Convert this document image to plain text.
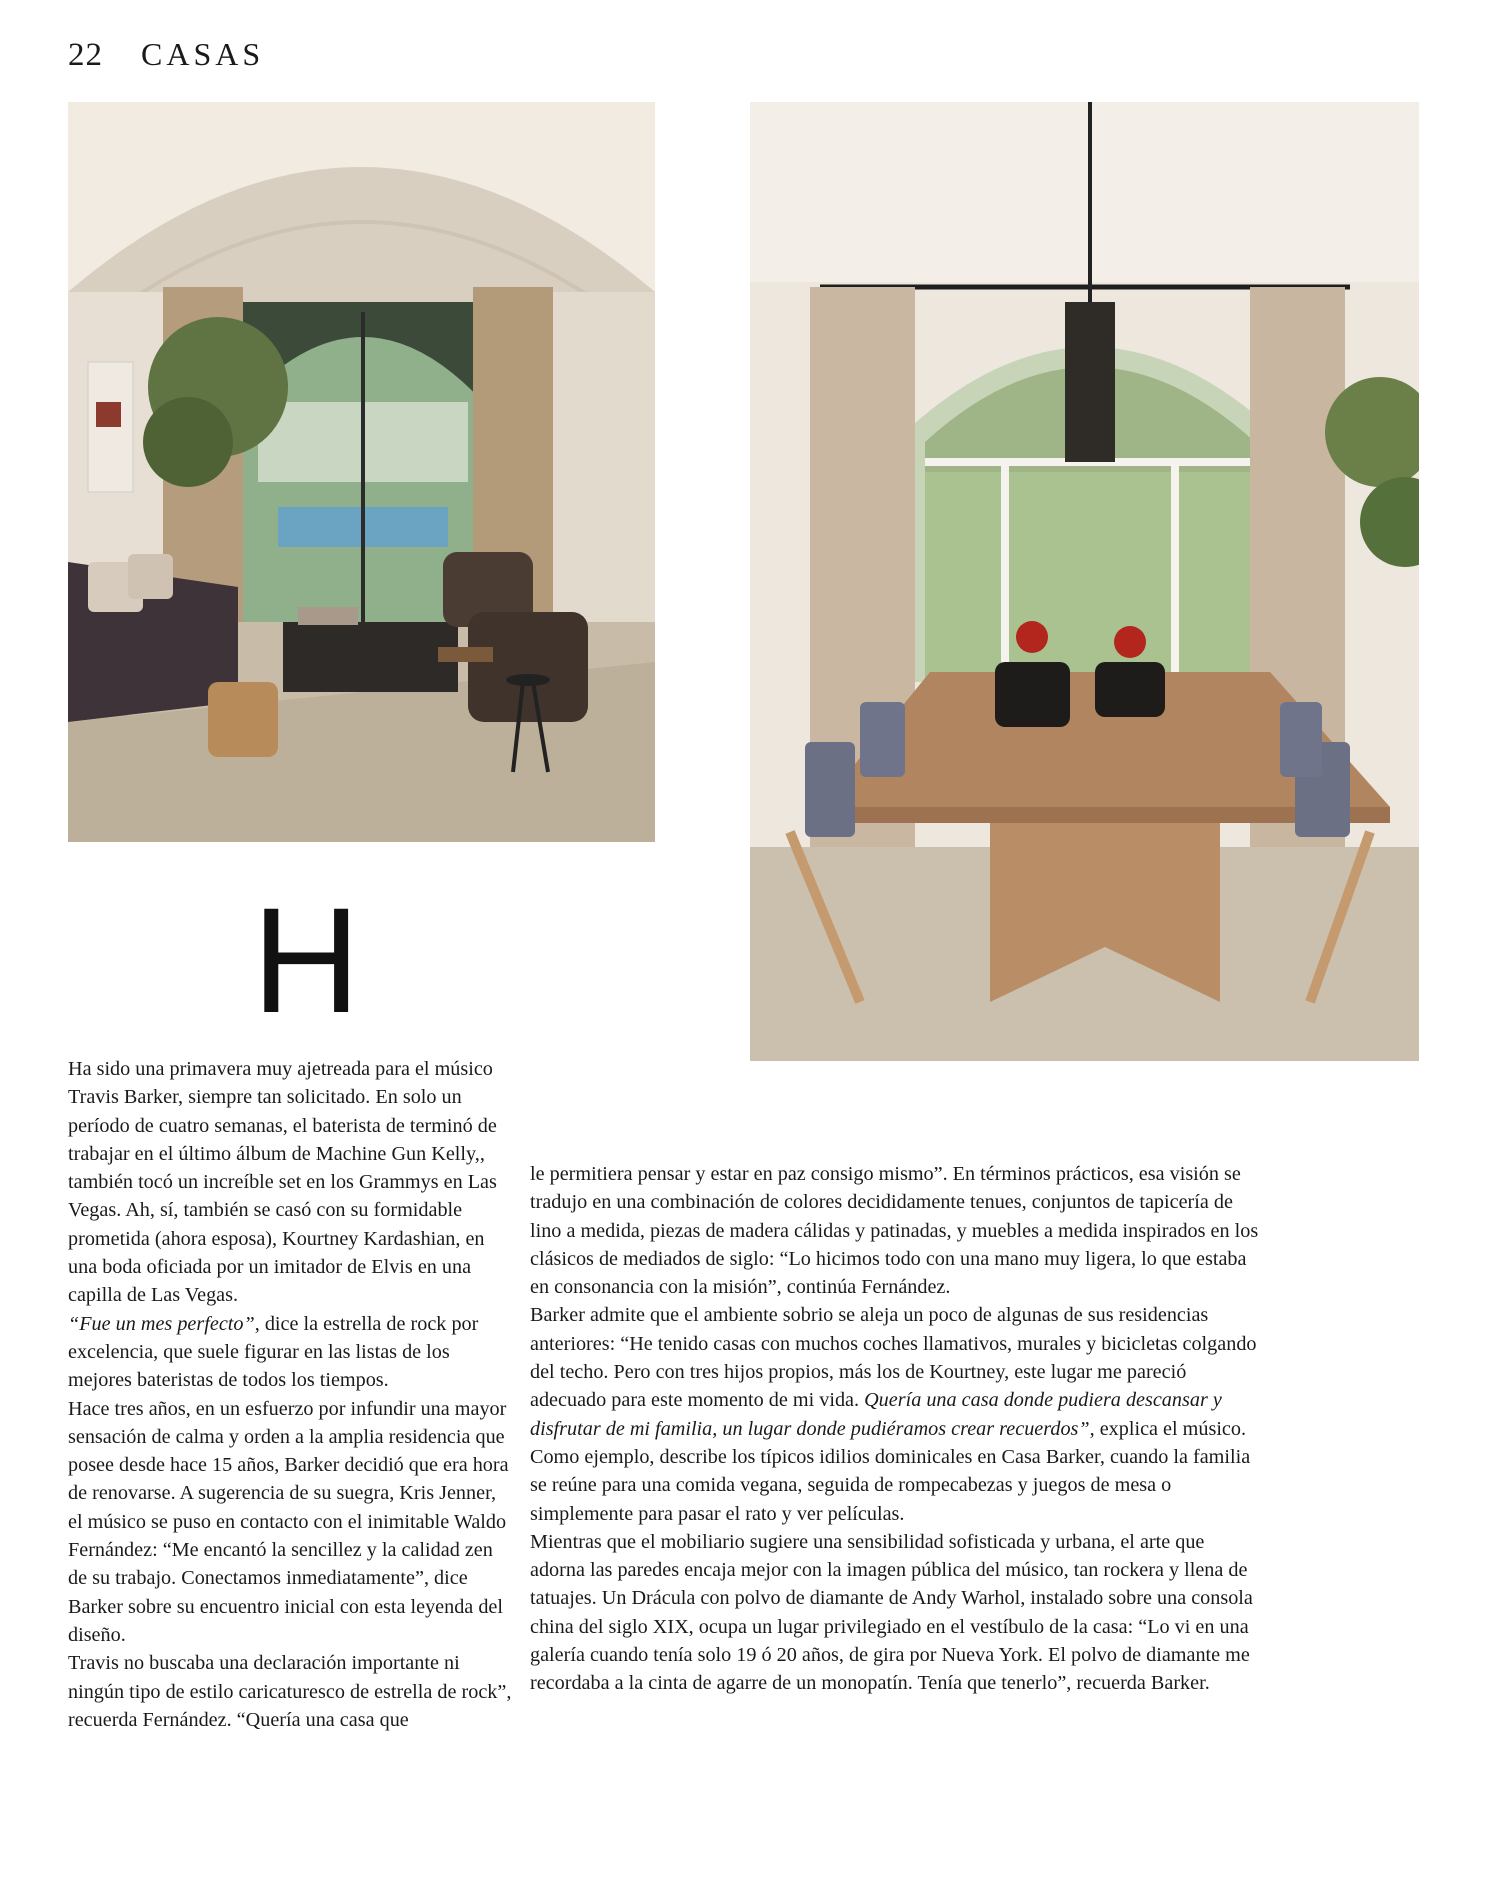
22 CASAS
H

Ha sido una primavera muy ajetreada para el músico Travis Barker, siempre tan solicitado. En solo un período de cuatro semanas, el baterista de terminó de trabajar en el último álbum de Machine Gun Kelly,, también tocó un increíble set en los Grammys en Las Vegas. Ah, sí, también se casó con su formidable prometida (ahora esposa), Kourtney Kardashian, en una boda oficiada por un imitador de Elvis en una capilla de Las Vegas.

“Fue un mes perfecto”, dice la estrella de rock por excelencia, que suele figurar en las listas de los mejores bateristas de todos los tiempos.

Hace tres años, en un esfuerzo por infundir una mayor sensación de calma y orden a la amplia residencia que posee desde hace 15 años, Barker decidió que era hora de renovarse. A sugerencia de su suegra, Kris Jenner, el músico se puso en contacto con el inimitable Waldo Fernández: “Me encantó la sencillez y la calidad zen de su trabajo. Conectamos inmediatamente”, dice Barker sobre su encuentro inicial con esta leyenda del diseño.

Travis no buscaba una declaración importante ni ningún tipo de estilo caricaturesco de estrella de rock”, recuerda Fernández. “Quería una casa que

le permitiera pensar y estar en paz consigo mismo”. En términos prácticos, esa visión se tradujo en una combinación de colores decididamente tenues, conjuntos de tapicería de lino a medida, piezas de madera cálidas y patinadas, y muebles a medida inspirados en los clásicos de mediados de siglo: “Lo hicimos todo con una mano muy ligera, lo que estaba en consonancia con la misión”, continúa Fernández.

Barker admite que el ambiente sobrio se aleja un poco de algunas de sus residencias anteriores: “He tenido casas con muchos coches llamativos, murales y bicicletas colgando del techo. Pero con tres hijos propios, más los de Kourtney, este lugar me pareció adecuado para este momento de mi vida. Quería una casa donde pudiera descansar y disfrutar de mi familia, un lugar donde pudiéramos crear recuerdos”, explica el músico. Como ejemplo, describe los típicos idilios dominicales en Casa Barker, cuando la familia se reúne para una comida vegana, seguida de rompecabezas y juegos de mesa o simplemente para pasar el rato y ver películas.

Mientras que el mobiliario sugiere una sensibilidad sofisticada y urbana, el arte que adorna las paredes encaja mejor con la imagen pública del músico, tan rockera y llena de tatuajes. Un Drácula con polvo de diamante de Andy Warhol, instalado sobre una consola china del siglo XIX, ocupa un lugar privilegiado en el vestíbulo de la casa: “Lo vi en una galería cuando tenía solo 19 ó 20 años, de gira por Nueva York. El polvo de diamante me recordaba a la cinta de agarre de un monopatín. Tenía que tenerlo”, recuerda Barker.
